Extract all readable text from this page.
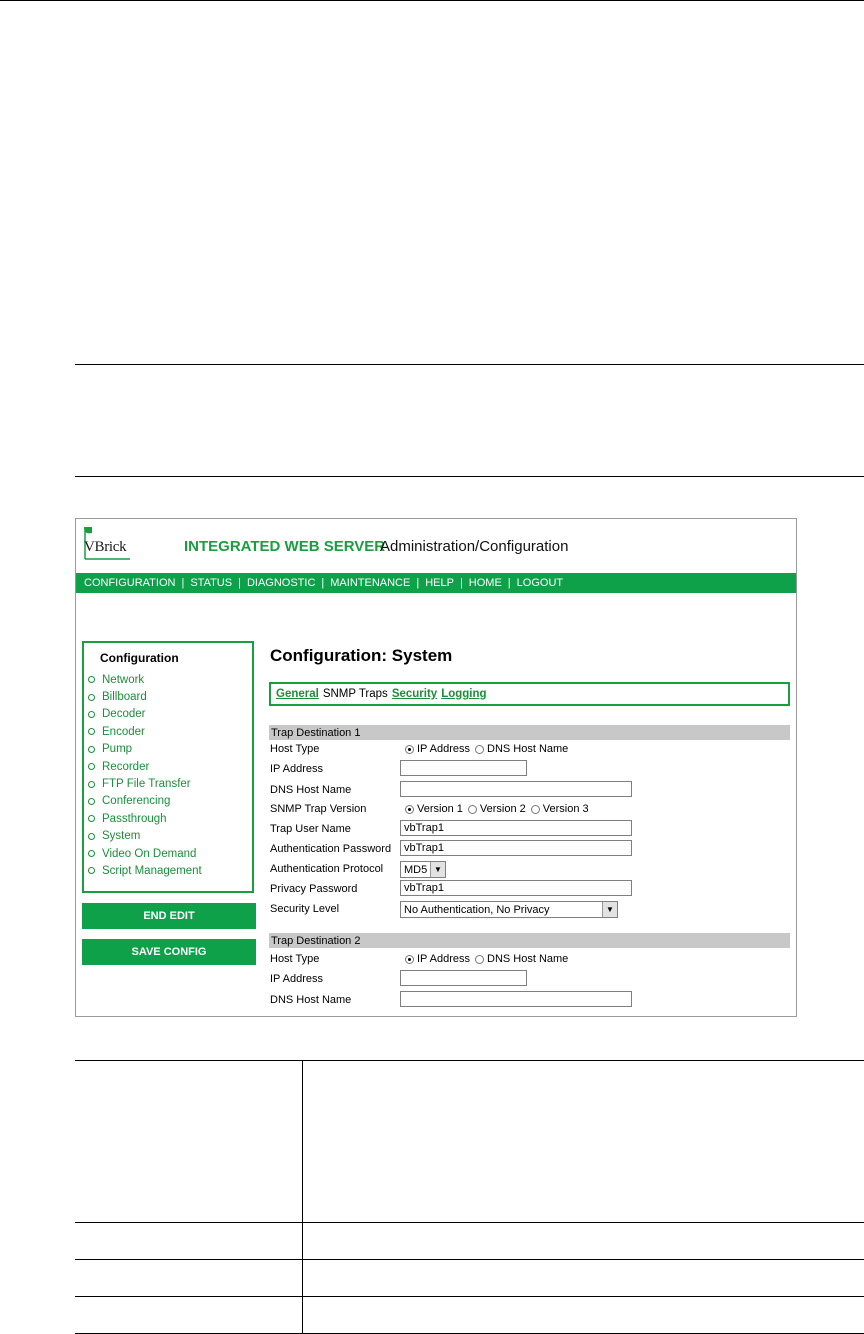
VBrick	INTEGRATED WEB SERVER
Administration/Configuration
CONFIGURATION | STATUS | DIAGNOSTIC | MAINTENANCE | HELP | HOME | LOGOUT
Configuration
Network
Billboard
Decoder
Encoder
Pump
Recorder
FTP File Transfer
Conferencing
Passthrough
System
Video On Demand
Script Management
END EDIT
SAVE CONFIG
Configuration: System
General SNMP Traps Security Logging
Trap Destination 1
Host Type	IP Address DNS Host Name
IP Address
DNS Host Name
SNMP Trap Version	Version 1 Version 2 Version 3
Trap User Name	vbTrap1
Authentication Password	vbTrap1
Authentication Protocol MD5 ▼
Privacy Password	vbTrap1
Security Level	No Authentication, No Privacy	▼
Trap Destination 2
Host Type	IP Address DNS Host Name
IP Address
DNS Host Name
